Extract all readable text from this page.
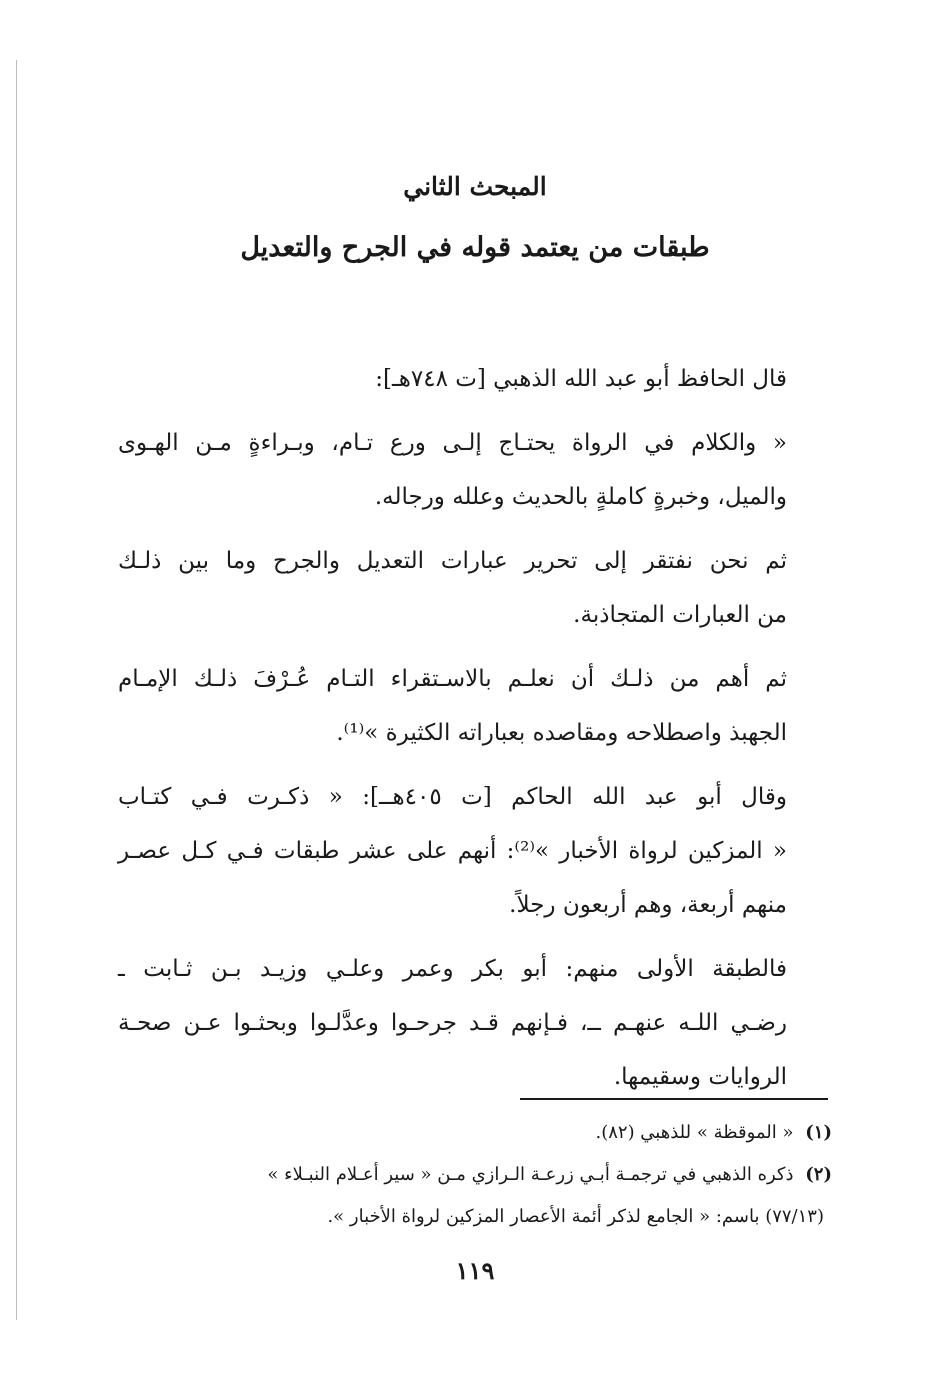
المبحث الثاني
طبقات من يعتمد قوله في الجرح والتعديل

قال الحافظ أبو عبد الله الذهبي [ت ٧٤٨هـ]:

« والكلام في الرواة يحتـاج إلـى ورع تـام، وبـراءةٍ مـن الهـوى
والميل، وخبرةٍ كاملةٍ بالحديث وعلله ورجاله.

ثم نحن نفتقر إلى تحرير عبارات التعديل والجرح وما بين ذلـك
من العبارات المتجاذبة.

ثم أهم من ذلـك أن نعلـم بالاسـتقراء التـام عُـرْفَ ذلـك الإمـام
الجهبذ واصطلاحه ومقاصده بعباراته الكثيرة »⁽¹⁾.

وقال أبو عبد الله الحاكم [ت ٤٠٥هــ]: « ذكـرت فـي كتـاب
« المزكين لرواة الأخبار »⁽²⁾: أنهم على عشر طبقات فـي كـل عصـر
منهم أربعة، وهم أربعون رجلاً.

فالطبقة الأولى منهم: أبو بكر وعمر وعلـي وزيـد بـن ثـابت ـ
رضـي اللـه عنهـم ــ، فـإنهم قـد جرحـوا وعدَّلـوا وبحثـوا عـن صحـة
الروايات وسقيمها.

(١) « الموقظة » للذهبي (٨٢).
(٢) ذكره الذهبي في ترجمـة أبـي زرعـة الـرازي مـن « سير أعـلام النبـلاء »
(٧٧/١٣) باسم: « الجامع لذكر أئمة الأعصار المزكين لرواة الأخبار ».
١١٩
